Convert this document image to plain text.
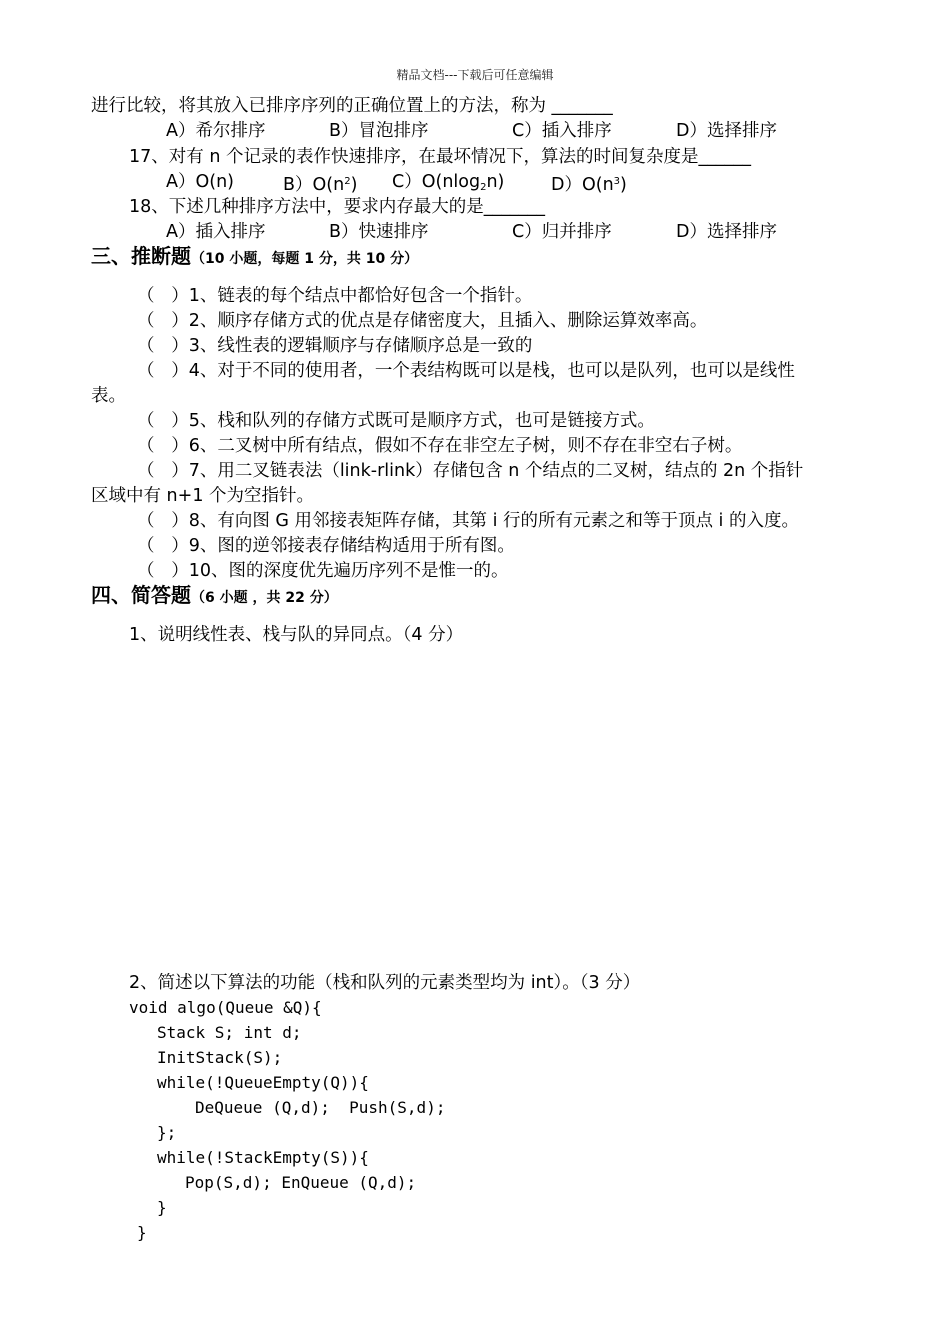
精品文档---下载后可任意编辑
进行比较，将其放入已排序序列的正确位置上的方法，称为 _______
A）希尔排序	B）冒泡排序	C）插入排序	D）选择排序
17、对有 n 个记录的表作快速排序，在最坏情况下，算法的时间复杂度是______
A）O(n)	$B)O(n^2)$ C）O(nlog$_2$n)	$D)O(n^3)$
18、下述几种排序方法中，要求内存最大的是_______
A）插入排序	B）快速排序	C）归并排序	D）选择排序
三、推断题（10 小题，每题 1 分，共 10 分）
（   ）1、链表的每个结点中都恰好包含一个指针。
（   ）2、顺序存储方式的优点是存储密度大，且插入、删除运算效率高。
（   ）3、线性表的逻辑顺序与存储顺序总是一致的
（   ）4、对于不同的使用者，一个表结构既可以是栈，也可以是队列，也可以是线性
表。
（   ）5、栈和队列的存储方式既可是顺序方式，也可是链接方式。
（   ）6、二叉树中所有结点，假如不存在非空左子树，则不存在非空右子树。
（   ）7、用二叉链表法（link-rlink）存储包含 n 个结点的二叉树，结点的 2n 个指针
区域中有 n+1 个为空指针。
（   ）8、有向图 G 用邻接表矩阵存储，其第 i 行的所有元素之和等于顶点 i 的入度。
（   ）9、图的逆邻接表存储结构适用于所有图。
（   ）10、图的深度优先遍历序列不是惟一的。
四、简答题（6 小题 ，共 22 分）
1、说明线性表、栈与队的异同点。（4 分）
2、简述以下算法的功能（栈和队列的元素类型均为 int）。（3 分）
void algo(Queue &Q){
Stack S; int d;
InitStack(S);
while(!QueueEmpty(Q)){
DeQueue (Q,d);  Push(S,d);
};
while(!StackEmpty(S)){
Pop(S,d); EnQueue (Q,d);
}
}
